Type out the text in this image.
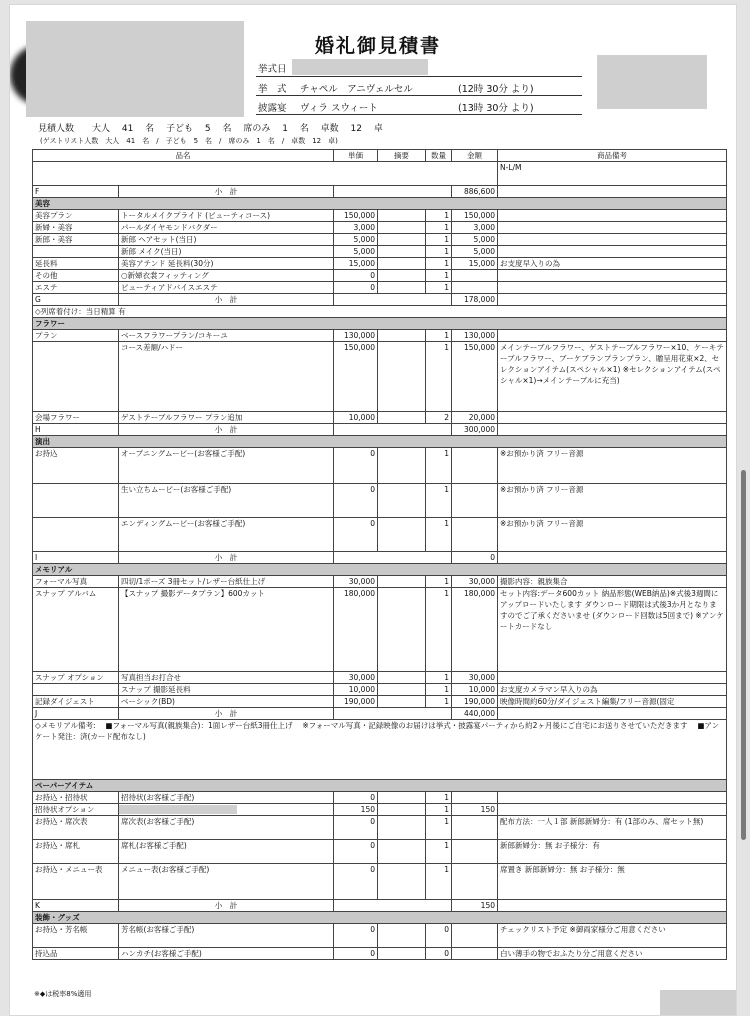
婚礼御見積書
挙式日
挙　式 チャペル　アニヴェルセル	(12時 30分 より)
披露宴 ヴィラ スウィート	(13時 30分 より)
見積人数　　大人　 41　 名　 子ども　 5　 名　 席のみ　 1　 名　 卓数　 12　 卓
(ゲストリスト人数　大人　41　名　/　子ども　5　名　/　席のみ　1　名　/　卓数　12　卓)
品名		単価	摘要	数量	金額	商品備考
						N-L/M
F	小　計				886,600	
美容						
美容プラン	トータルメイクプライド (ビューティコース)	150,000		1	150,000	
新婦・美容	パールダイヤモンドバクダー	3,000		1	3,000	
新郎・美容	新郎 ヘアセット(当日)	5,000		1	5,000	
	新郎 メイク(当日)	5,000		1	5,000	
延長料	美容アテンド 延長料(30分)	15,000		1	15,000	お支度早入りの為
その他	○新婦衣裳フィッティング	0		1		
エステ	ビューティアドバイスエステ	0		1		
G	小　計				178,000	
◇列席着付け：当日精算 有						
フラワー						
プラン	ベースフラワープラン/コキーユ	130,000		1	130,000	
	コース差額/ハドー	150,000		1	150,000	メインテーブルフラワー、ゲストテーブルフラワー×10、ケーキテーブルフラワー、ブーケブランプランプラン、贈呈用花束×2、セレクションアイテム(スペシャル×1) ※セレクションアイテム(スペシャル×1)→メインテーブルに充当)
会場フラワー	ゲストテーブルフラワー プラン追加	10,000		2	20,000	
H	小　計				300,000	
演出						
お持込	オープニングムービー(お客様ご手配)	0		1		※お預かり済 フリー音源
	生い立ちムービー(お客様ご手配)	0		1		※お預かり済 フリー音源
	エンディングムービー(お客様ご手配)	0		1		※お預かり済 フリー音源
I	小　計				0	
メモリアル						
フォーマル写真	四切/1ポーズ 3冊セット/レザー台紙仕上げ	30,000		1	30,000	撮影内容：親族集合
スナップ アルバム	【スナップ 撮影データプラン】600カット	180,000		1	180,000	セット内容:データ600カット 納品形態(WEB納品)※式後3週間にアップロードいたします ダウンロード期限は式後3か月となりますのでご了承くださいませ (ダウンロード回数は5回まで) ※アンケートカードなし
スナップ オプション	写真担当お打合せ	30,000		1	30,000	
	スナップ 撮影延長料	10,000		1	10,000	お支度カメラマン早入りの為
記録ダイジェスト	ベーシック(BD)	190,000		1	190,000	映像時間約60分/ダイジェスト編集/フリー音源(固定
J	小　計				440,000	
◇メモリアル備考: 　■フォーマル写真(親族集合)：1面レザー台紙3冊仕上げ 　※フォーマル写真・記録映像のお届けは挙式・披露宴パーティから約2ヶ月後にご自宅にお送りさせていただきます 　■アンケート発注：済(カード配布なし)						
ペーパーアイテム						
お持込・招待状	招待状(お客様ご手配)	0		1		
招待状オプション		150		1	150	
お持込・席次表	席次表(お客様ご手配)	0		1		配布方法：一人１部 新郎新婦分：有 (1部のみ、席セット無)
お持込・席札	席札(お客様ご手配)	0		1		新郎新婦分：無 お子様分：有
お持込・メニュー表	メニュー表(お客様ご手配)	0		1		席置き 新郎新婦分：無 お子様分：無
K	小　計				150	
装飾・グッズ						
お持込・芳名帳	芳名帳(お客様ご手配)	0		0		チェックリスト予定 ※御両家様分ご用意ください
持込品	ハンカチ(お客様ご手配)	0		0		白い薄手の物でおふたり分ご用意ください
※◆は税率8%適用
